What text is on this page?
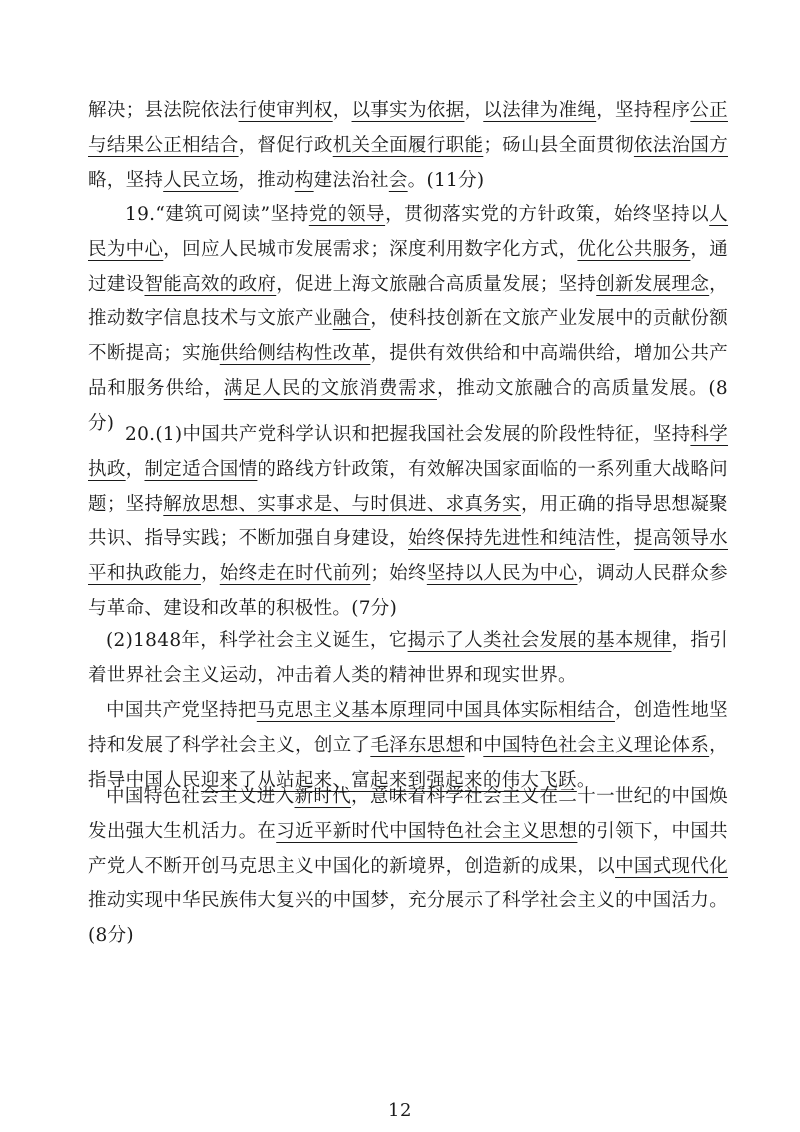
解决；县法院依法行使审判权，以事实为依据，以法律为准绳，坚持程序公正与结果公正相结合，督促行政机关全面履行职能；砀山县全面贯彻依法治国方略，坚持人民立场，推动构建法治社会。(11分)

19.“建筑可阅读”坚持党的领导，贯彻落实党的方针政策，始终坚持以人民为中心，回应人民城市发展需求；深度利用数字化方式，优化公共服务，通过建设智能高效的政府，促进上海文旅融合高质量发展；坚持创新发展理念，推动数字信息技术与文旅产业融合，使科技创新在文旅产业发展中的贡献份额不断提高；实施供给侧结构性改革，提供有效供给和中高端供给，增加公共产品和服务供给，满足人民的文旅消费需求，推动文旅融合的高质量发展。(8分)

20.(1)中国共产党科学认识和把握我国社会发展的阶段性特征，坚持科学执政，制定适合国情的路线方针政策，有效解决国家面临的一系列重大战略问题；坚持解放思想、实事求是、与时俱进、求真务实，用正确的指导思想凝聚共识、指导实践；不断加强自身建设，始终保持先进性和纯洁性，提高领导水平和执政能力，始终走在时代前列；始终坚持以人民为中心，调动人民群众参与革命、建设和改革的积极性。(7分)

(2)1848年，科学社会主义诞生，它揭示了人类社会发展的基本规律，指引着世界社会主义运动，冲击着人类的精神世界和现实世界。

中国共产党坚持把马克思主义基本原理同中国具体实际相结合，创造性地坚持和发展了科学社会主义，创立了毛泽东思想和中国特色社会主义理论体系，指导中国人民迎来了从站起来、富起来到强起来的伟大飞跃。

中国特色社会主义进入新时代，意味着科学社会主义在二十一世纪的中国焕发出强大生机活力。在习近平新时代中国特色社会主义思想的引领下，中国共产党人不断开创马克思主义中国化的新境界，创造新的成果，以中国式现代化推动实现中华民族伟大复兴的中国梦，充分展示了科学社会主义的中国活力。(8分)

12
